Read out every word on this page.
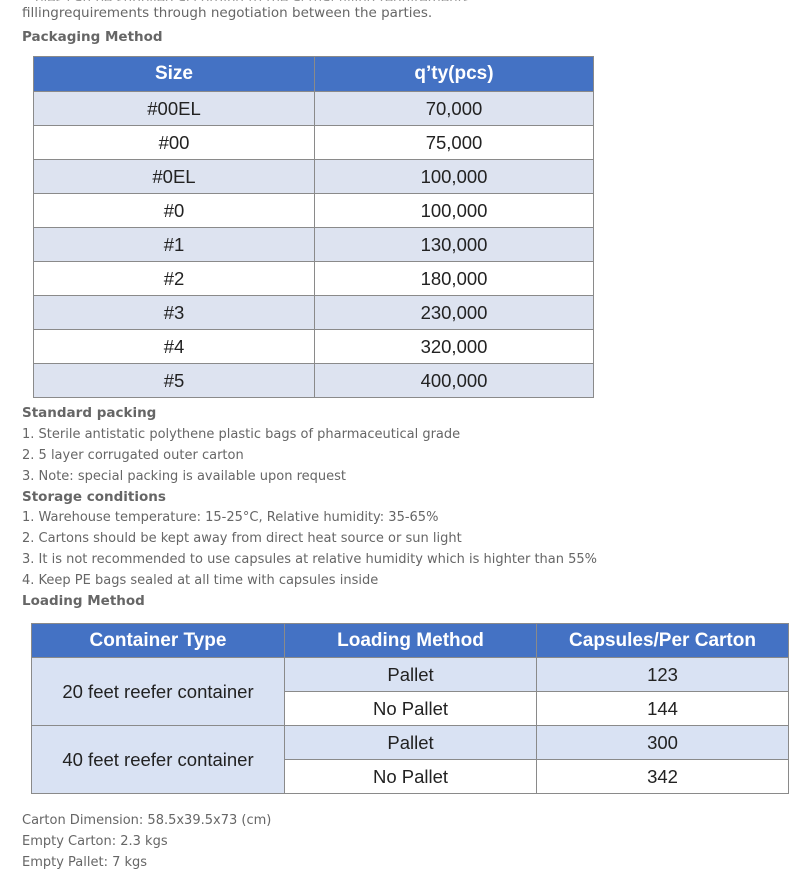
fillingrequirements through negotiation between the parties.
Packaging Method
Size	q’ty(pcs)
#00EL	70,000
#00	75,000
#0EL	100,000
#0	100,000
#1	130,000
#2	180,000
#3	230,000
#4	320,000
#5	400,000
Standard packing
1. Sterile antistatic polythene plastic bags of pharmaceutical grade
2. 5 layer corrugated outer carton
3. Note: special packing is available upon request
Storage conditions
1. Warehouse temperature: 15-25°C, Relative humidity: 35-65%
2. Cartons should be kept away from direct heat source or sun light
3. It is not recommended to use capsules at relative humidity which is highter than 55%
4. Keep PE bags sealed at all time with capsules inside
Loading Method
Container Type	Loading Method	Capsules/Per Carton
20 feet reefer container	Pallet	123
	No Pallet	144
40 feet reefer container	Pallet	300
	No Pallet	342
Carton Dimension: 58.5x39.5x73 (cm)
Empty Carton: 2.3 kgs
Empty Pallet: 7 kgs
